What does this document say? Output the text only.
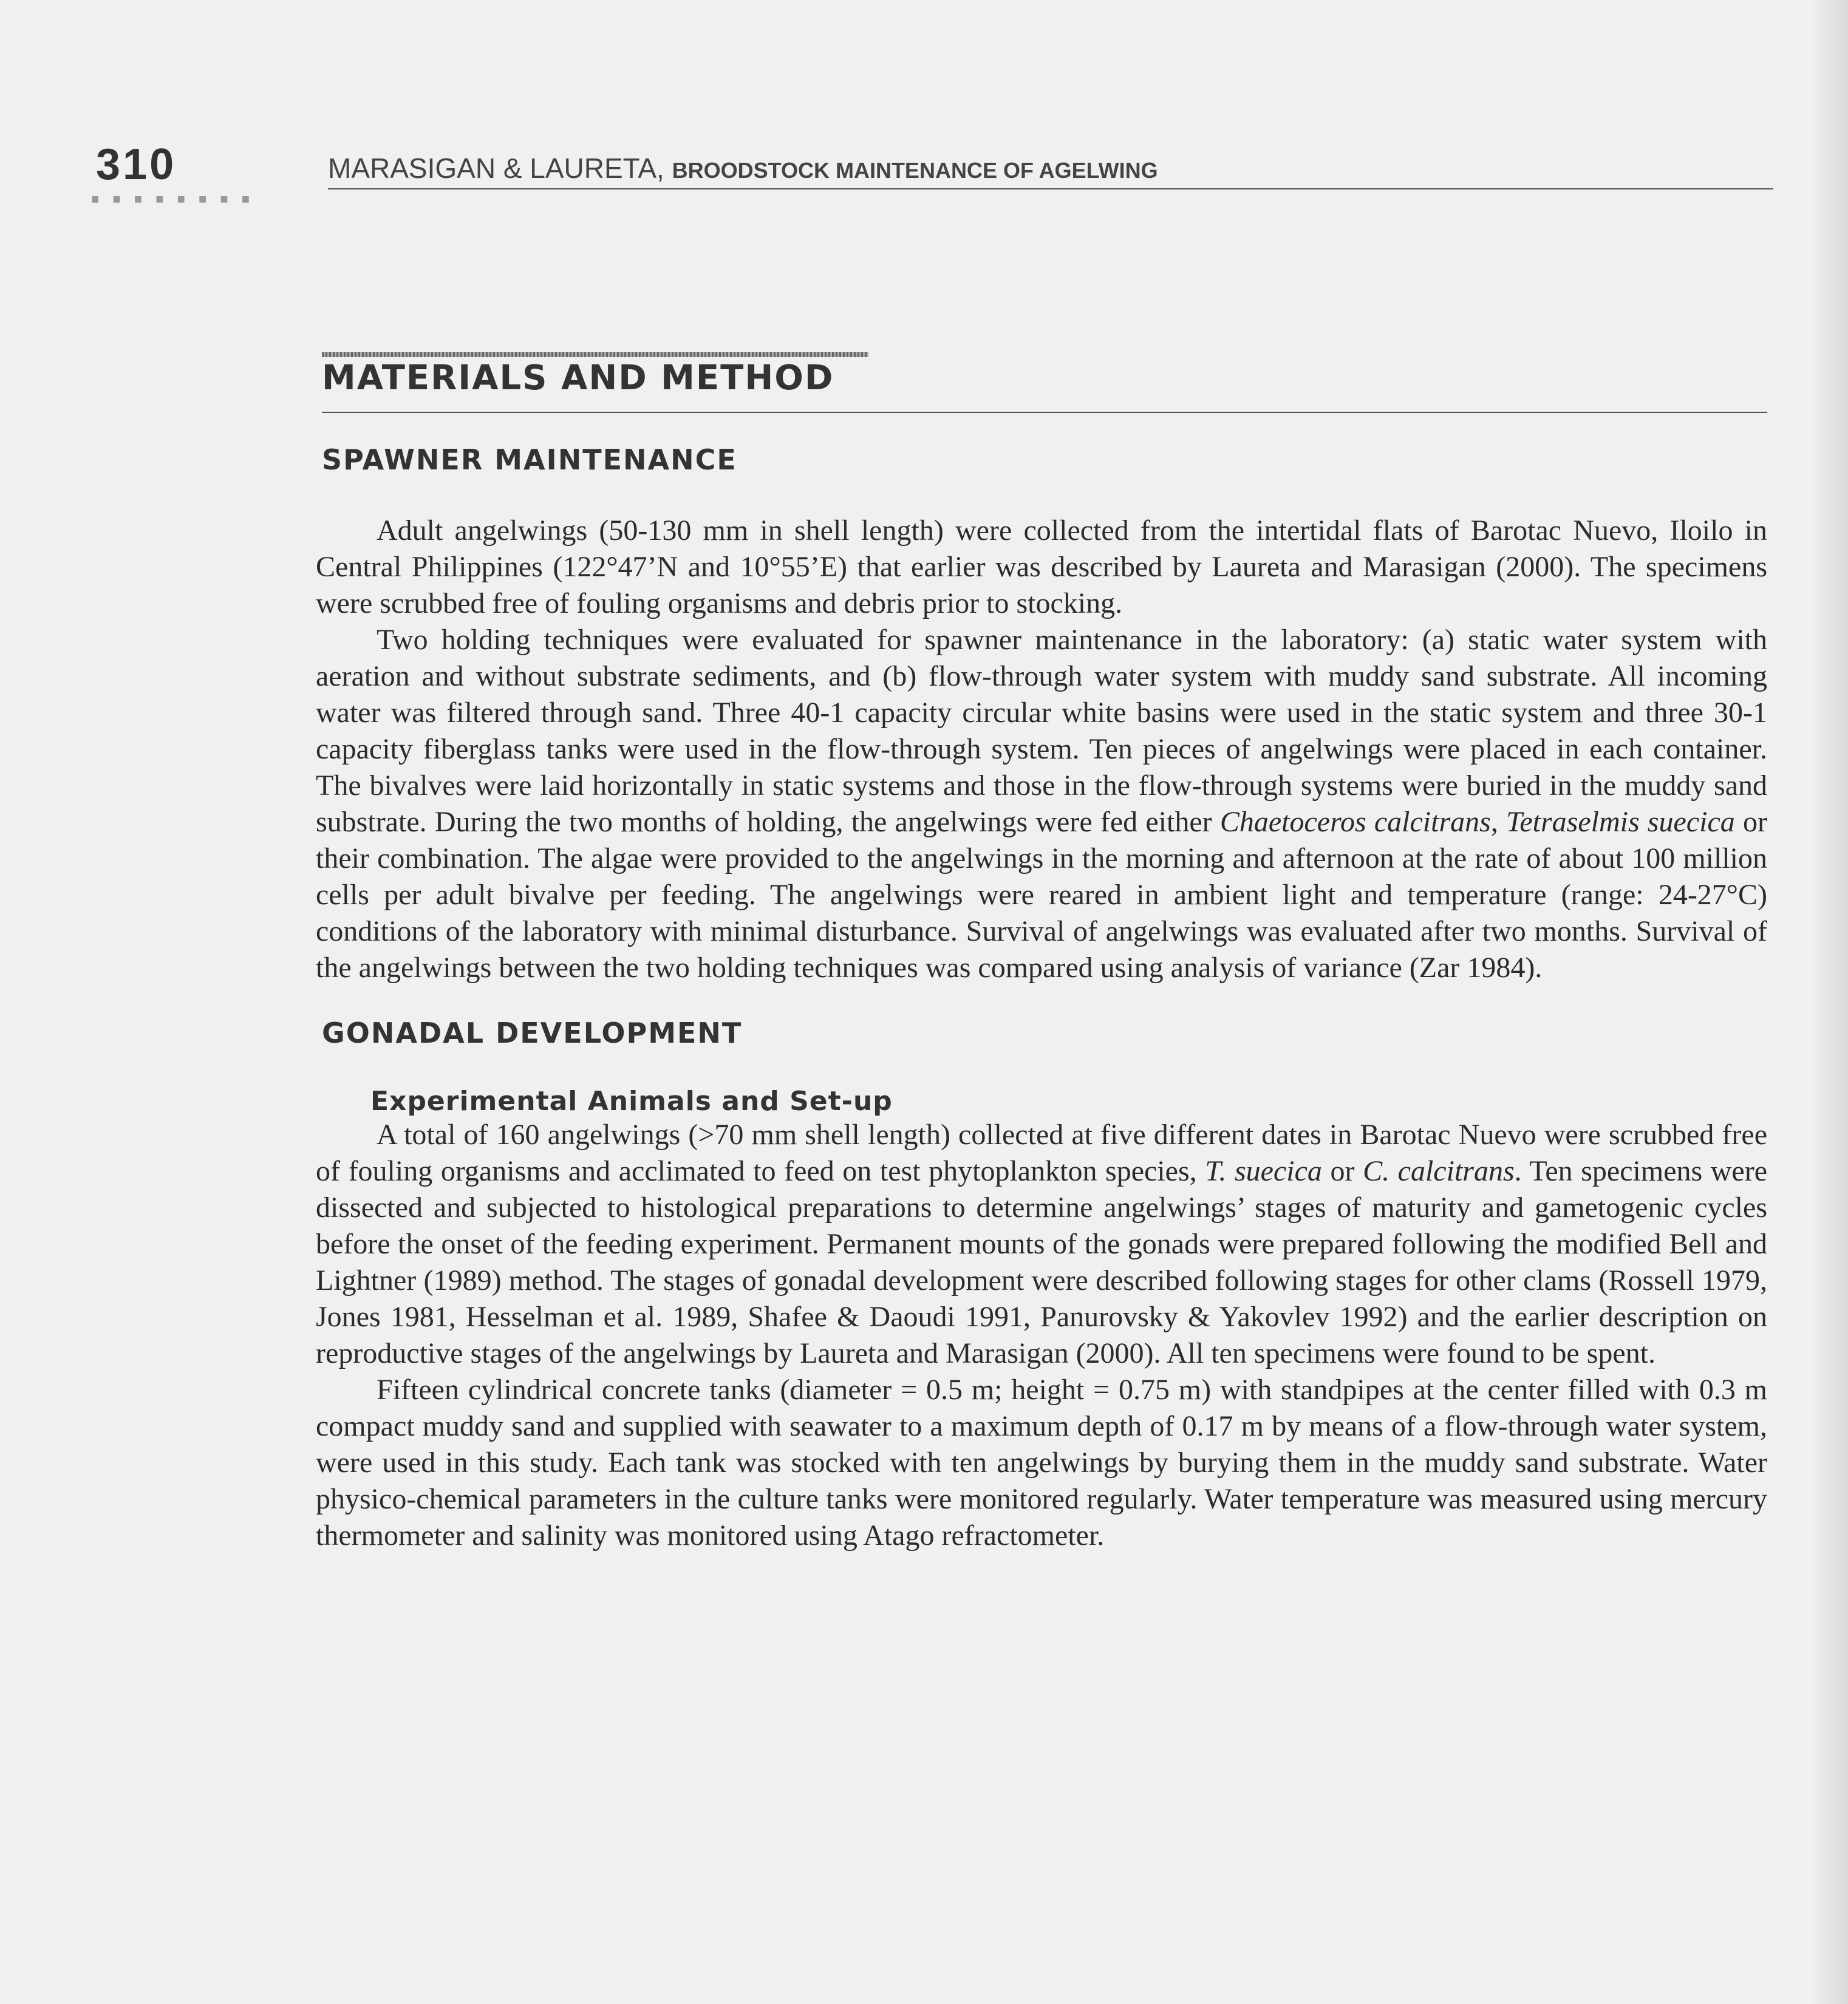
310
■ ■ ■ ■ ■ ■ ■ ■
MARASIGAN & LAURETA, BROODSTOCK MAINTENANCE OF AGELWING
MATERIALS AND METHOD
SPAWNER MAINTENANCE

Adult angelwings (50-130 mm in shell length) were collected from the intertidal flats of Barotac Nuevo, Iloilo in Central Philippines (122°47’N and 10°55’E) that earlier was described by Laureta and Marasigan (2000). The specimens were scrubbed free of fouling organisms and debris prior to stocking.

Two holding techniques were evaluated for spawner maintenance in the laboratory: (a) static water system with aeration and without substrate sediments, and (b) flow-through water system with muddy sand substrate. All incoming water was filtered through sand. Three 40-1 capacity circular white basins were used in the static system and three 30-1 capacity fiberglass tanks were used in the flow-through system. Ten pieces of angelwings were placed in each container. The bivalves were laid horizontally in static systems and those in the flow-through systems were buried in the muddy sand substrate. During the two months of holding, the angelwings were fed either Chaetoceros calcitrans, Tetraselmis suecica or their combination. The algae were provided to the angelwings in the morning and afternoon at the rate of about 100 million cells per adult bivalve per feeding. The angelwings were reared in ambient light and temperature (range: 24-27°C) conditions of the laboratory with minimal disturbance. Survival of angelwings was evaluated after two months. Survival of the angelwings between the two holding techniques was compared using analysis of variance (Zar 1984).

GONADAL DEVELOPMENT
Experimental Animals and Set-up

A total of 160 angelwings (>70 mm shell length) collected at five different dates in Barotac Nuevo were scrubbed free of fouling organisms and acclimated to feed on test phytoplankton species, T. suecica or C. calcitrans. Ten specimens were dissected and subjected to histological preparations to determine angelwings’ stages of maturity and gametogenic cycles before the onset of the feeding experiment. Permanent mounts of the gonads were prepared following the modified Bell and Lightner (1989) method. The stages of gonadal development were described following stages for other clams (Rossell 1979, Jones 1981, Hesselman et al. 1989, Shafee & Daoudi 1991, Panurovsky & Yakovlev 1992) and the earlier description on reproductive stages of the angelwings by Laureta and Marasigan (2000). All ten specimens were found to be spent.

Fifteen cylindrical concrete tanks (diameter = 0.5 m; height = 0.75 m) with standpipes at the center filled with 0.3 m compact muddy sand and supplied with seawater to a maximum depth of 0.17 m by means of a flow-through water system, were used in this study. Each tank was stocked with ten angelwings by burying them in the muddy sand substrate. Water physico-chemical parameters in the culture tanks were monitored regularly. Water temperature was measured using mercury thermometer and salinity was monitored using Atago refractometer.
